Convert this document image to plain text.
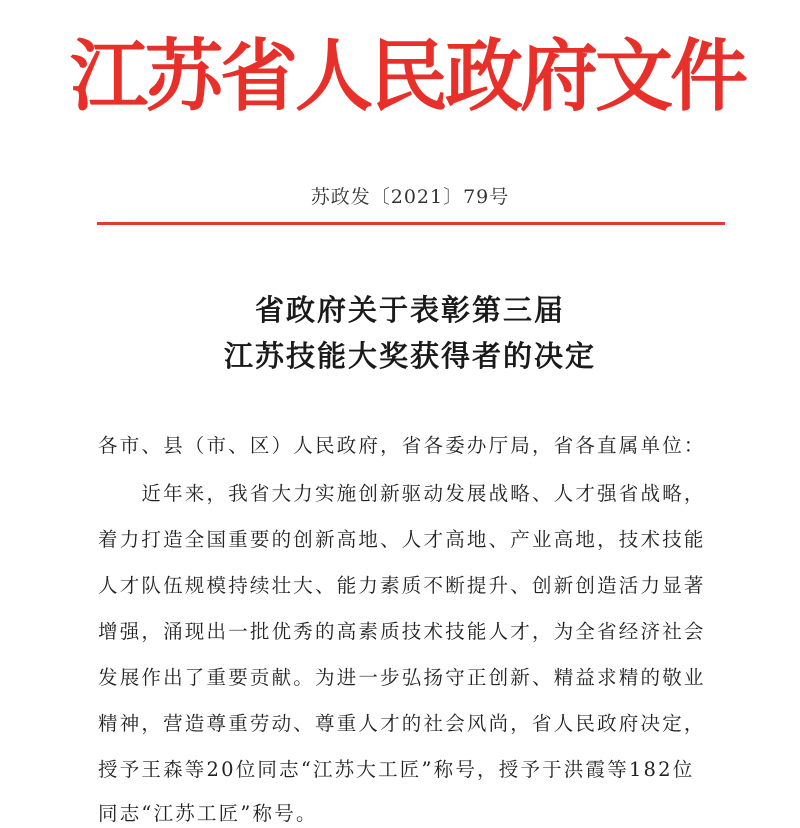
江苏省人民政府文件
苏政发〔2021〕79号
省政府关于表彰第三届
江苏技能大奖获得者的决定
各市、县（市、区）人民政府，省各委办厅局，省各直属单位：
　　近年来，我省大力实施创新驱动发展战略、人才强省战略，
着力打造全国重要的创新高地、人才高地、产业高地，技术技能
人才队伍规模持续壮大、能力素质不断提升、创新创造活力显著
增强，涌现出一批优秀的高素质技术技能人才，为全省经济社会
发展作出了重要贡献。为进一步弘扬守正创新、精益求精的敬业
精神，营造尊重劳动、尊重人才的社会风尚，省人民政府决定，
授予王森等20位同志“江苏大工匠”称号，授予于洪霞等182位
同志“江苏工匠”称号。
